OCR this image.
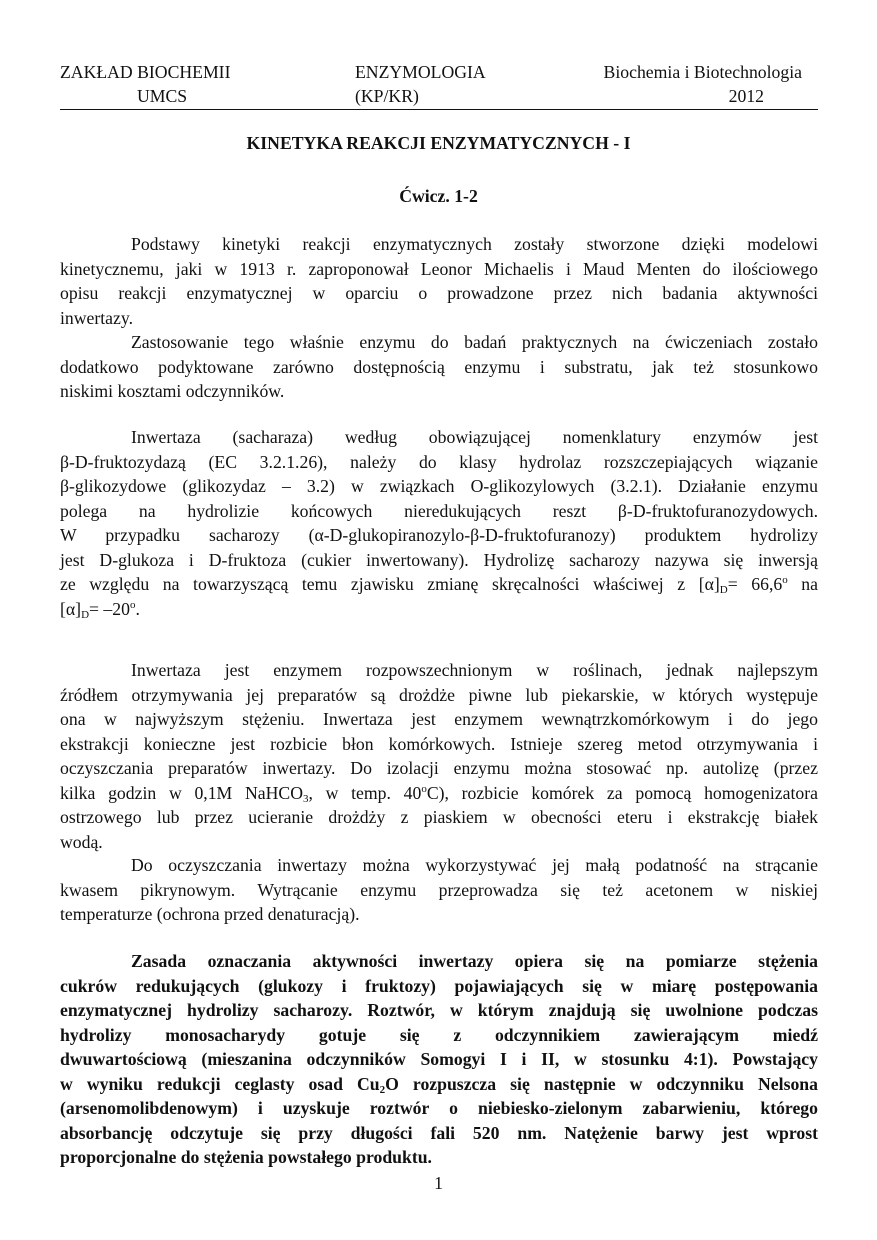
ZAKŁAD BIOCHEMII
UMCS
ENZYMOLOGIA
(KP/KR)
Biochemia i Biotechnologia
2012
KINETYKA REAKCJI ENZYMATYCZNYCH - I
Ćwicz. 1-2
Podstawy kinetyki reakcji enzymatycznych zostały stworzone dzięki modelowi
kinetycznemu, jaki w 1913 r. zaproponował Leonor Michaelis i Maud Menten do ilościowego
opisu reakcji enzymatycznej w oparciu o prowadzone przez nich badania aktywności
inwertazy.
Zastosowanie tego właśnie enzymu do badań praktycznych na ćwiczeniach zostało
dodatkowo podyktowane zarówno dostępnością enzymu i substratu, jak też stosunkowo
niskimi kosztami odczynników.
Inwertaza (sacharaza) według obowiązującej nomenklatury enzymów jest
β-D-fruktozydazą (EC 3.2.1.26), należy do klasy hydrolaz rozszczepiających wiązanie
β-glikozydowe (glikozydaz – 3.2) w związkach O-glikozylowych (3.2.1). Działanie enzymu
polega na hydrolizie końcowych nieredukujących reszt β-D-fruktofuranozydowych.
W przypadku sacharozy (α-D-glukopiranozylo-β-D-fruktofuranozy) produktem hydrolizy
jest D-glukoza i D-fruktoza (cukier inwertowany). Hydrolizę sacharozy nazywa się inwersją
ze względu na towarzyszącą temu zjawisku zmianę skręcalności właściwej z $[\alpha]_D= 66,6^o$ na
$[\alpha]_D= -20^o$.
Inwertaza jest enzymem rozpowszechnionym w roślinach, jednak najlepszym
źródłem otrzymywania jej preparatów są drożdże piwne lub piekarskie, w których występuje
ona w najwyższym stężeniu. Inwertaza jest enzymem wewnątrzkomórkowym i do jego
ekstrakcji konieczne jest rozbicie błon komórkowych. Istnieje szereg metod otrzymywania i
oczyszczania preparatów inwertazy. Do izolacji enzymu można stosować np. autolizę (przez
kilka godzin w 0,1M NaHCO$_3$, w temp. 40$^o$C), rozbicie komórek za pomocą homogenizatora
ostrzowego lub przez ucieranie drożdży z piaskiem w obecności eteru i ekstrakcję białek
wodą.
Do oczyszczania inwertazy można wykorzystywać jej małą podatność na strącanie
kwasem pikrynowym. Wytrącanie enzymu przeprowadza się też acetonem w niskiej
temperaturze (ochrona przed denaturacją).
Zasada oznaczania aktywności inwertazy opiera się na pomiarze stężenia
cukrów redukujących (glukozy i fruktozy) pojawiających się w miarę postępowania
enzymatycznej hydrolizy sacharozy. Roztwór, w którym znajdują się uwolnione podczas
hydrolizy monosacharydy gotuje się z odczynnikiem zawierającym miedź
dwuwartościową (mieszanina odczynników Somogyi I i II, w stosunku 4:1). Powstający
w wyniku redukcji ceglasty osad $Cu_2O$ rozpuszcza się następnie w odczynniku Nelsona
(arsenomolibdenowym) i uzyskuje roztwór o niebiesko-zielonym zabarwieniu, którego
absorbancję odczytuje się przy długości fali 520 nm. Natężenie barwy jest wprost
proporcjonalne do stężenia powstałego produktu.
1
